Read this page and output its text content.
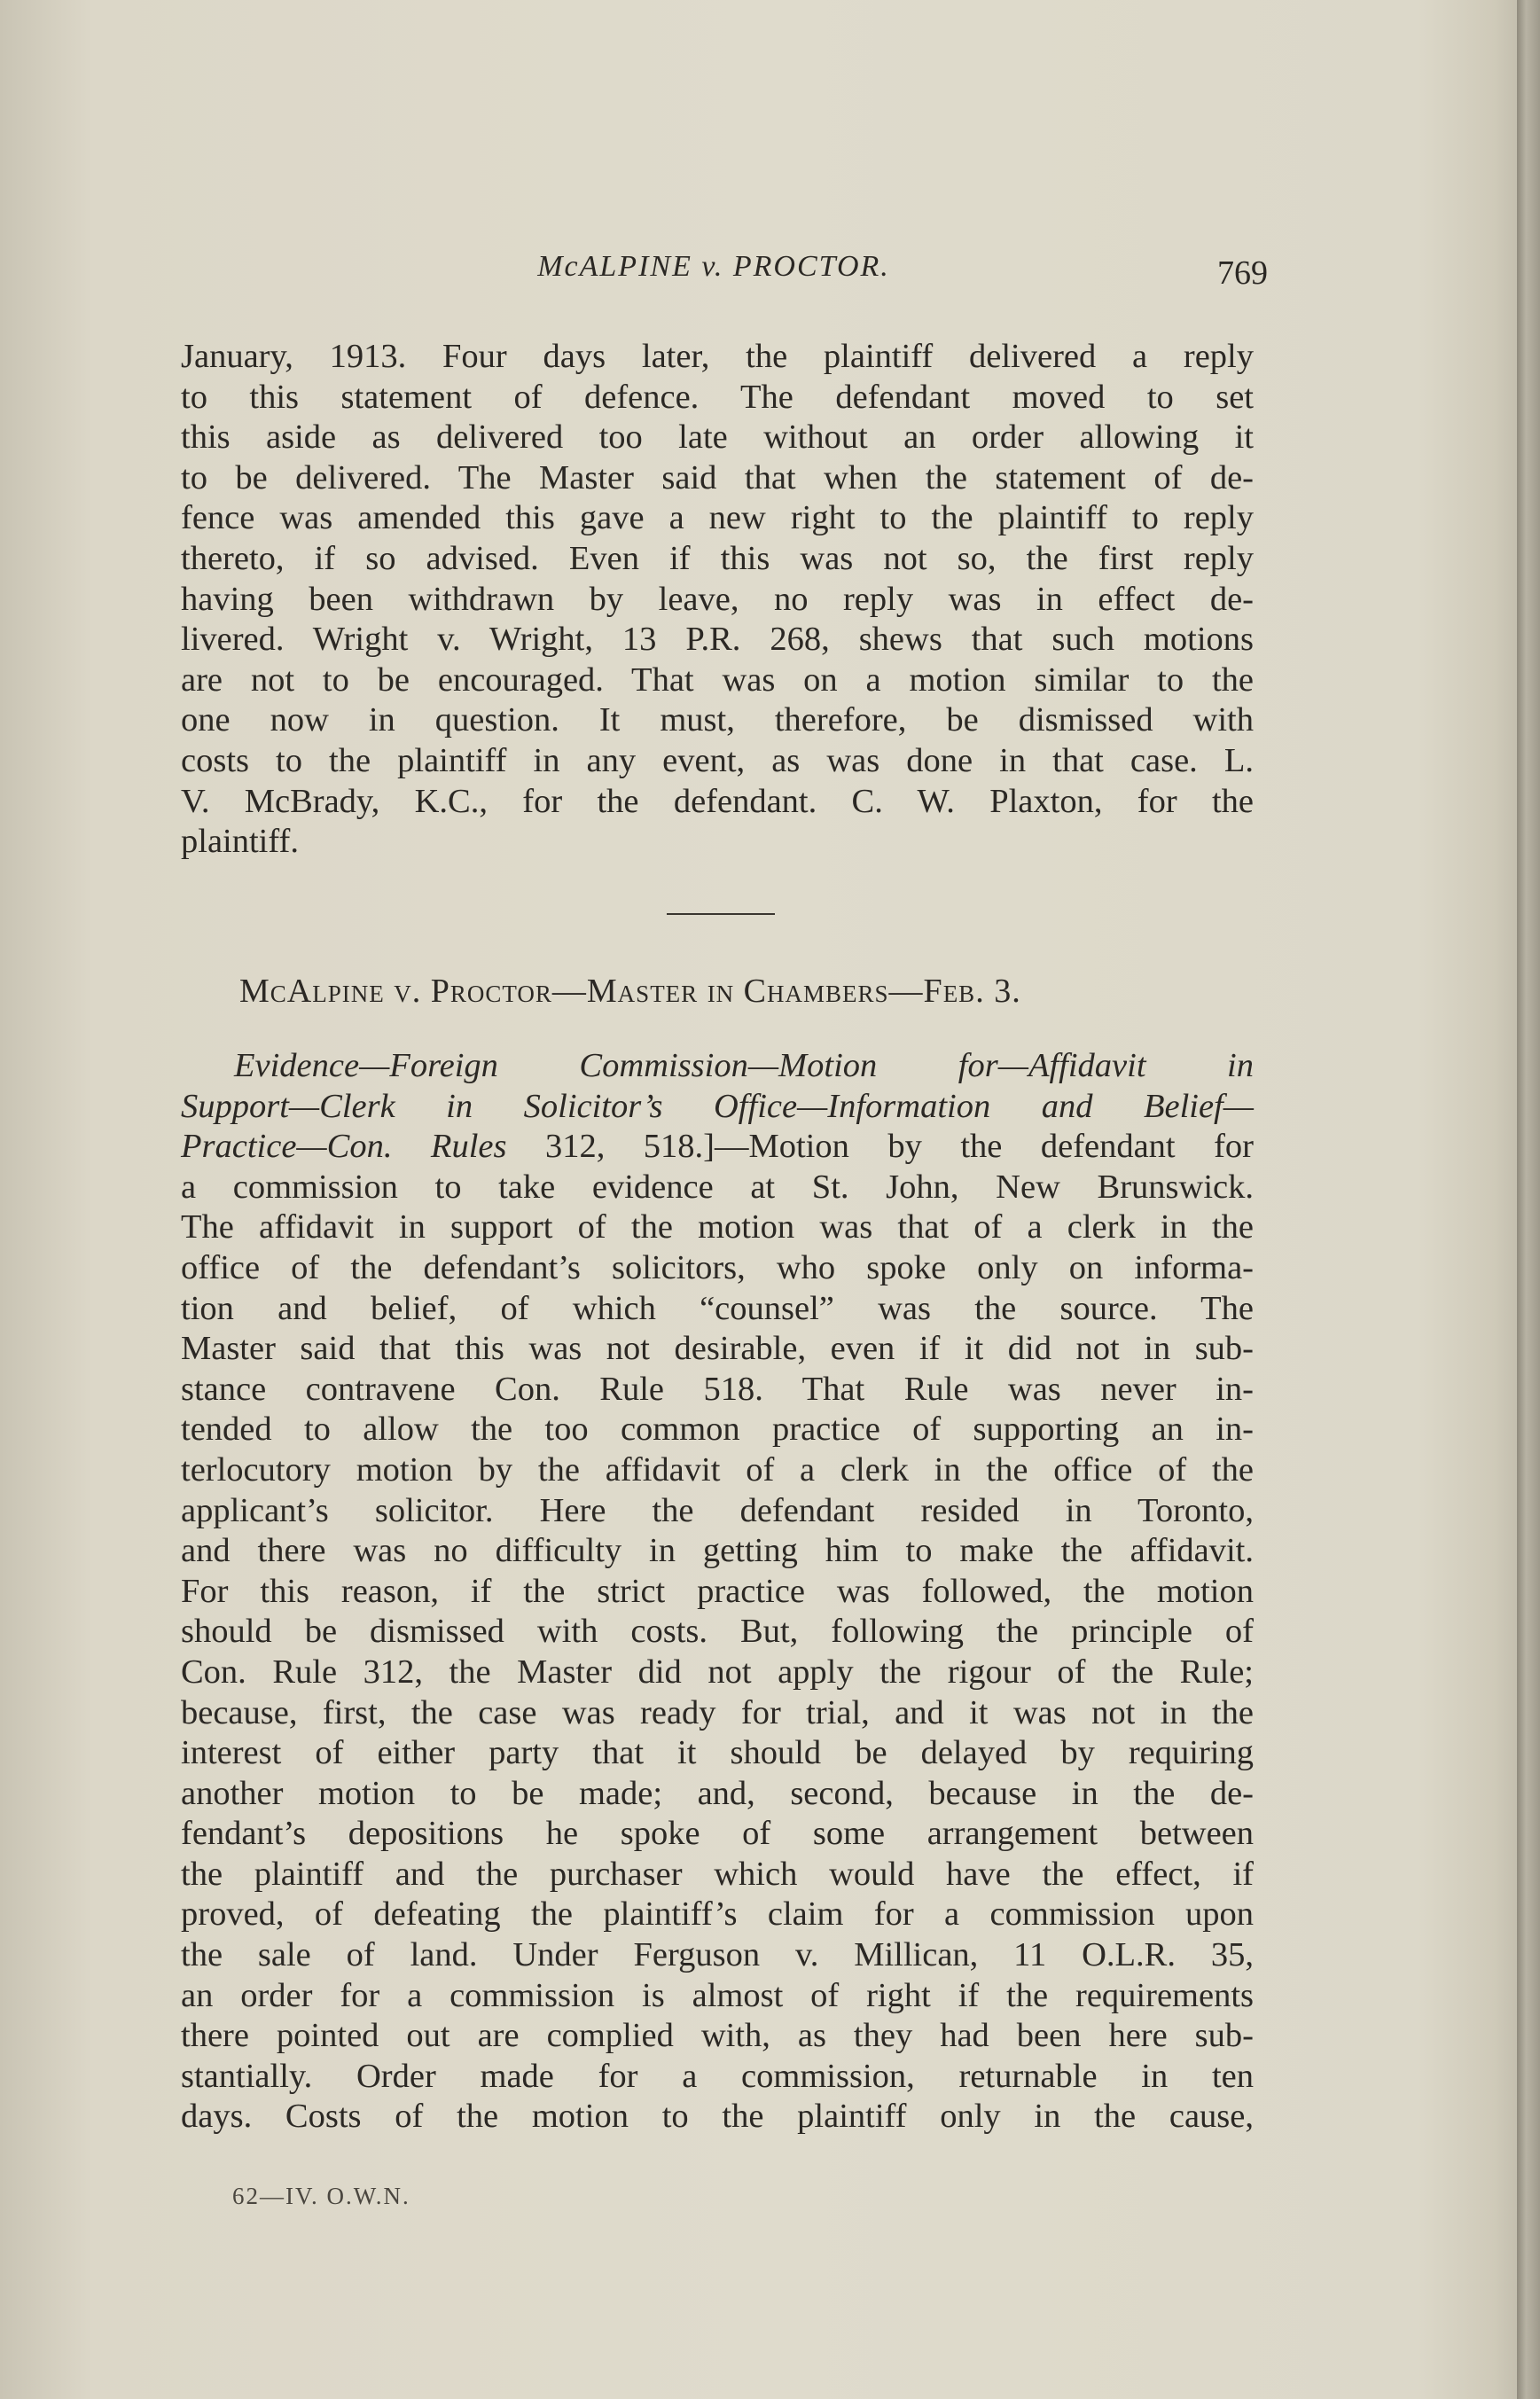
McALPINE v. PROCTOR.	769
January, 1913. Four days later, the plaintiff delivered a reply
to this statement of defence. The defendant moved to set
this aside as delivered too late without an order allowing it
to be delivered. The Master said that when the statement of de-
fence was amended this gave a new right to the plaintiff to reply
thereto, if so advised. Even if this was not so, the first reply
having been withdrawn by leave, no reply was in effect de-
livered. Wright v. Wright, 13 P.R. 268, shews that such motions
are not to be encouraged. That was on a motion similar to the
one now in question. It must, therefore, be dismissed with
costs to the plaintiff in any event, as was done in that case. L.
V. McBrady, K.C., for the defendant. C. W. Plaxton, for the
plaintiff.
McAlpine v. Proctor—Master in Chambers—Feb. 3.
Evidence—Foreign Commission—Motion for—Affidavit in
Support—Clerk in Solicitor’s Office—Information and Belief—
Practice—Con. Rules 312, 518.]—Motion by the defendant for
a commission to take evidence at St. John, New Brunswick.
The affidavit in support of the motion was that of a clerk in the
office of the defendant’s solicitors, who spoke only on informa-
tion and belief, of which “counsel” was the source. The
Master said that this was not desirable, even if it did not in sub-
stance contravene Con. Rule 518. That Rule was never in-
tended to allow the too common practice of supporting an in-
terlocutory motion by the affidavit of a clerk in the office of the
applicant’s solicitor. Here the defendant resided in Toronto,
and there was no difficulty in getting him to make the affidavit.
For this reason, if the strict practice was followed, the motion
should be dismissed with costs. But, following the principle of
Con. Rule 312, the Master did not apply the rigour of the Rule;
because, first, the case was ready for trial, and it was not in the
interest of either party that it should be delayed by requiring
another motion to be made; and, second, because in the de-
fendant’s depositions he spoke of some arrangement between
the plaintiff and the purchaser which would have the effect, if
proved, of defeating the plaintiff’s claim for a commission upon
the sale of land. Under Ferguson v. Millican, 11 O.L.R. 35,
an order for a commission is almost of right if the requirements
there pointed out are complied with, as they had been here sub-
stantially. Order made for a commission, returnable in ten
days. Costs of the motion to the plaintiff only in the cause,
62—IV. O.W.N.
